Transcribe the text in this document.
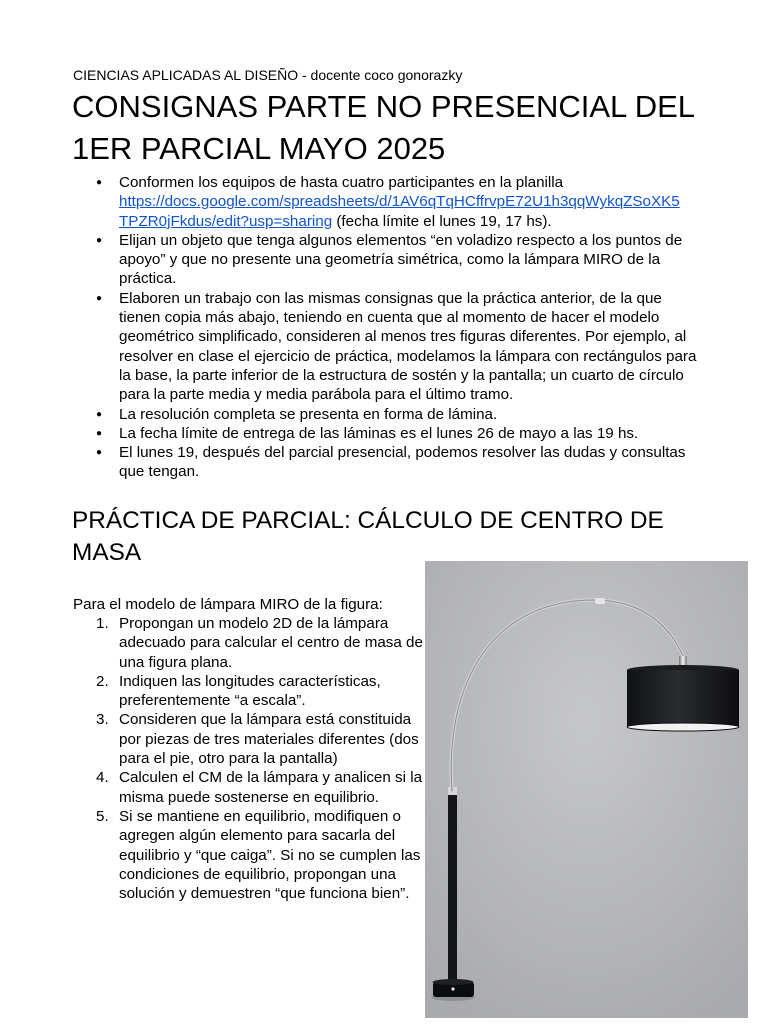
CIENCIAS APLICADAS AL DISEÑO - docente coco gonorazky
CONSIGNAS PARTE NO PRESENCIAL DEL 1ER PARCIAL MAYO 2025
● Conformen los equipos de hasta cuatro participantes en la planilla https://docs.google.com/spreadsheets/d/1AV6qTqHCffrvpE72U1h3qqWykqZSoXK5
TPZR0jFkdus/edit?usp=sharing (fecha límite el lunes 19, 17 hs).
● Elijan un objeto que tenga algunos elementos “en voladizo respecto a los puntos de apoyo” y que no presente una geometría simétrica, como la lámpara MIRO de la práctica.
● Elaboren un trabajo con las mismas consignas que la práctica anterior, de la que tienen copia más abajo, teniendo en cuenta que al momento de hacer el modelo geométrico simplificado, consideren al menos tres figuras diferentes. Por ejemplo, al resolver en clase el ejercicio de práctica, modelamos la lámpara con rectángulos para la base, la parte inferior de la estructura de sostén y la pantalla; un cuarto de círculo para la parte media y media parábola para el último tramo.
● La resolución completa se presenta en forma de lámina.
● La fecha límite de entrega de las láminas es el lunes 26 de mayo a las 19 hs.
● El lunes 19, después del parcial presencial, podemos resolver las dudas y consultas que tengan.
PRÁCTICA DE PARCIAL: CÁLCULO DE CENTRO DE MASA
Para el modelo de lámpara MIRO de la figura:
1. Propongan un modelo 2D de la lámpara adecuado para calcular el centro de masa de una figura plana.
2. Indiquen las longitudes características, preferentemente “a escala”.
3. Consideren que la lámpara está constituida por piezas de tres materiales diferentes (dos para el pie, otro para la pantalla)
4. Calculen el CM de la lámpara y analicen si la misma puede sostenerse en equilibrio.
5. Si se mantiene en equilibrio, modifiquen o agregen algún elemento para sacarla del equilibrio y “que caiga”. Si no se cumplen las condiciones de equilibrio, propongan una solución y demuestren “que funciona bien”.
